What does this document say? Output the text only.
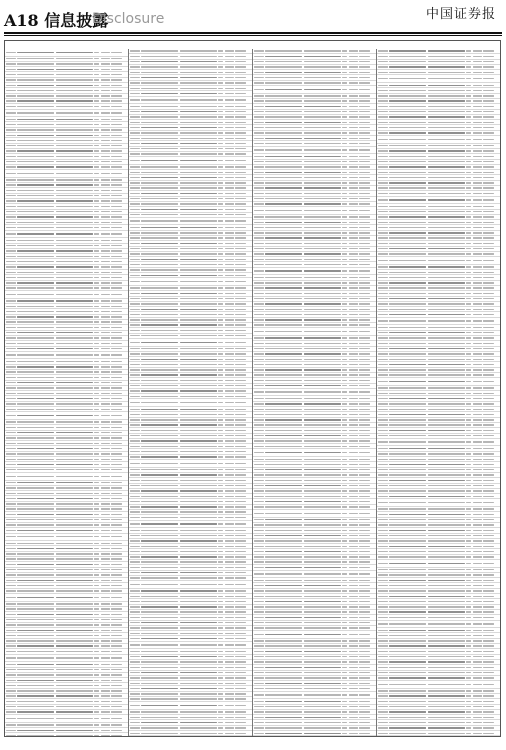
A18 信息披露
Disclosure	中国证券报
